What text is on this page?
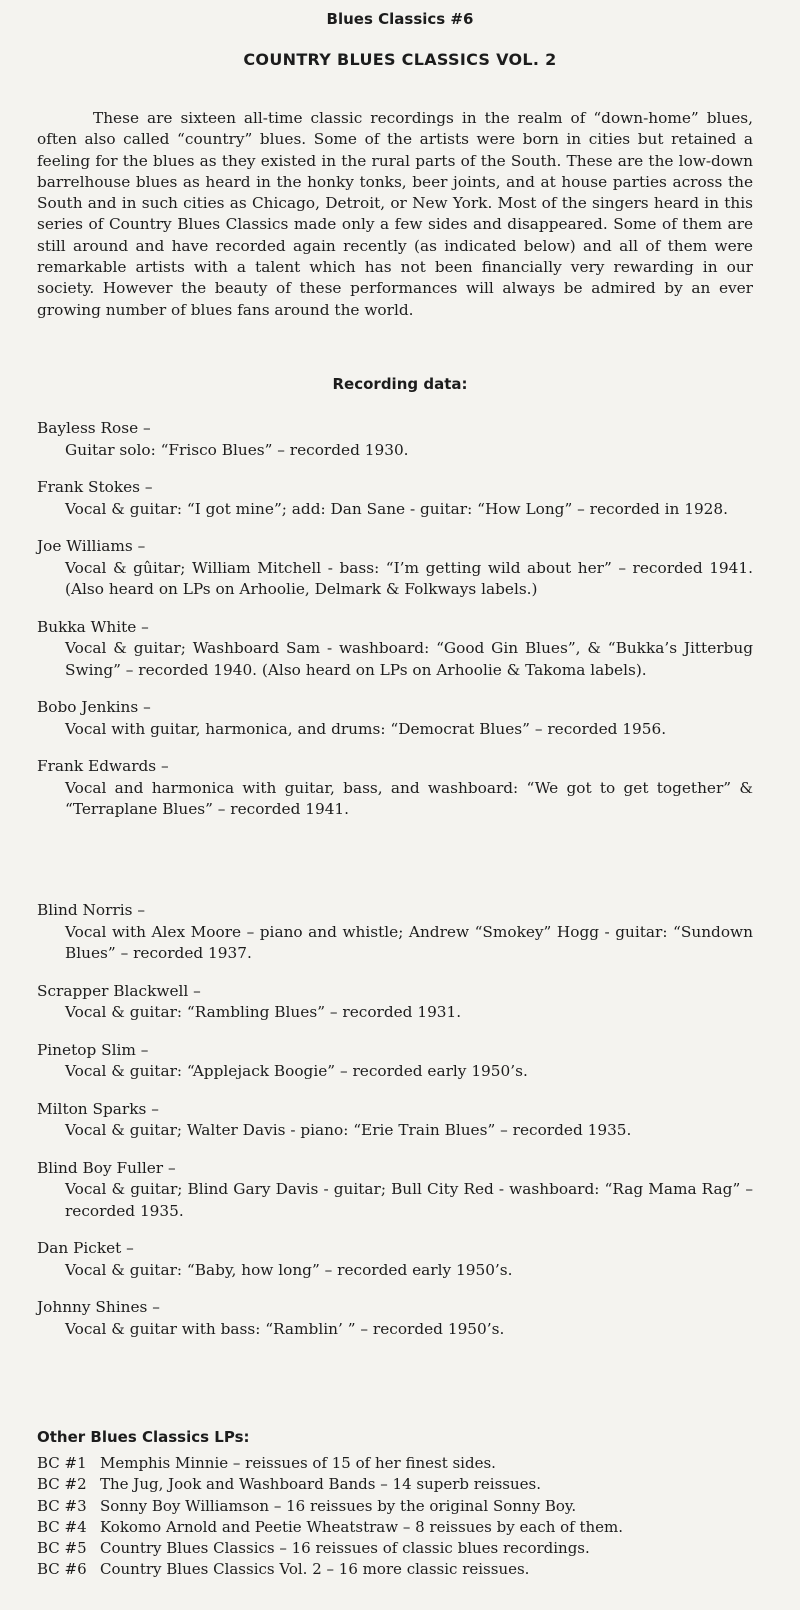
Blues Classics #6
COUNTRY BLUES CLASSICS VOL. 2

These are sixteen all-time classic recordings in the realm of “down-home” blues, often also called “country” blues. Some of the artists were born in cities but retained a feeling for the blues as they existed in the rural parts of the South. These are the low-down barrelhouse blues as heard in the honky tonks, beer joints, and at house parties across the South and in such cities as Chicago, Detroit, or New York. Most of the singers heard in this series of Country Blues Classics made only a few sides and disappeared. Some of them are still around and have recorded again recently (as indicated below) and all of them were remarkable artists with a talent which has not been financially very rewarding in our society. However the beauty of these performances will always be admired by an ever growing number of blues fans around the world.

Recording data:
Bayless Rose –
Guitar solo: “Frisco Blues” – recorded 1930.
Frank Stokes –
Vocal & guitar: “I got mine”; add: Dan Sane - guitar: “How Long” – recorded in 1928.
Joe Williams –
Vocal & gûitar; William Mitchell - bass: “I’m getting wild about her” – recorded 1941. (Also heard on LPs on Arhoolie, Delmark & Folkways labels.)
Bukka White –
Vocal & guitar; Washboard Sam - washboard: “Good Gin Blues”, & “Bukka’s Jitterbug Swing” – recorded 1940. (Also heard on LPs on Arhoolie & Takoma labels).
Bobo Jenkins –
Vocal with guitar, harmonica, and drums: “Democrat Blues” – recorded 1956.
Frank Edwards –
Vocal and harmonica with guitar, bass, and washboard: “We got to get together” & “Terraplane Blues” – recorded 1941.
Blind Norris –
Vocal with Alex Moore – piano and whistle; Andrew “Smokey” Hogg - guitar: “Sundown Blues” – recorded 1937.
Scrapper Blackwell –
Vocal & guitar: “Rambling Blues” – recorded 1931.
Pinetop Slim –
Vocal & guitar: “Applejack Boogie” – recorded early 1950’s.
Milton Sparks –
Vocal & guitar; Walter Davis - piano: “Erie Train Blues” – recorded 1935.
Blind Boy Fuller –
Vocal & guitar; Blind Gary Davis - guitar; Bull City Red - washboard: “Rag Mama Rag” – recorded 1935.
Dan Picket –
Vocal & guitar: “Baby, how long” – recorded early 1950’s.
Johnny Shines –
Vocal & guitar with bass: “Ramblin’ ” – recorded 1950’s.
Other Blues Classics LPs:
BC #1 Memphis Minnie – reissues of 15 of her finest sides.
BC #2 The Jug, Jook and Washboard Bands – 14 superb reissues.
BC #3 Sonny Boy Williamson – 16 reissues by the original Sonny Boy.
BC #4 Kokomo Arnold and Peetie Wheatstraw – 8 reissues by each of them.
BC #5 Country Blues Classics – 16 reissues of classic blues recordings.
BC #6 Country Blues Classics Vol. 2 – 16 more classic reissues.
